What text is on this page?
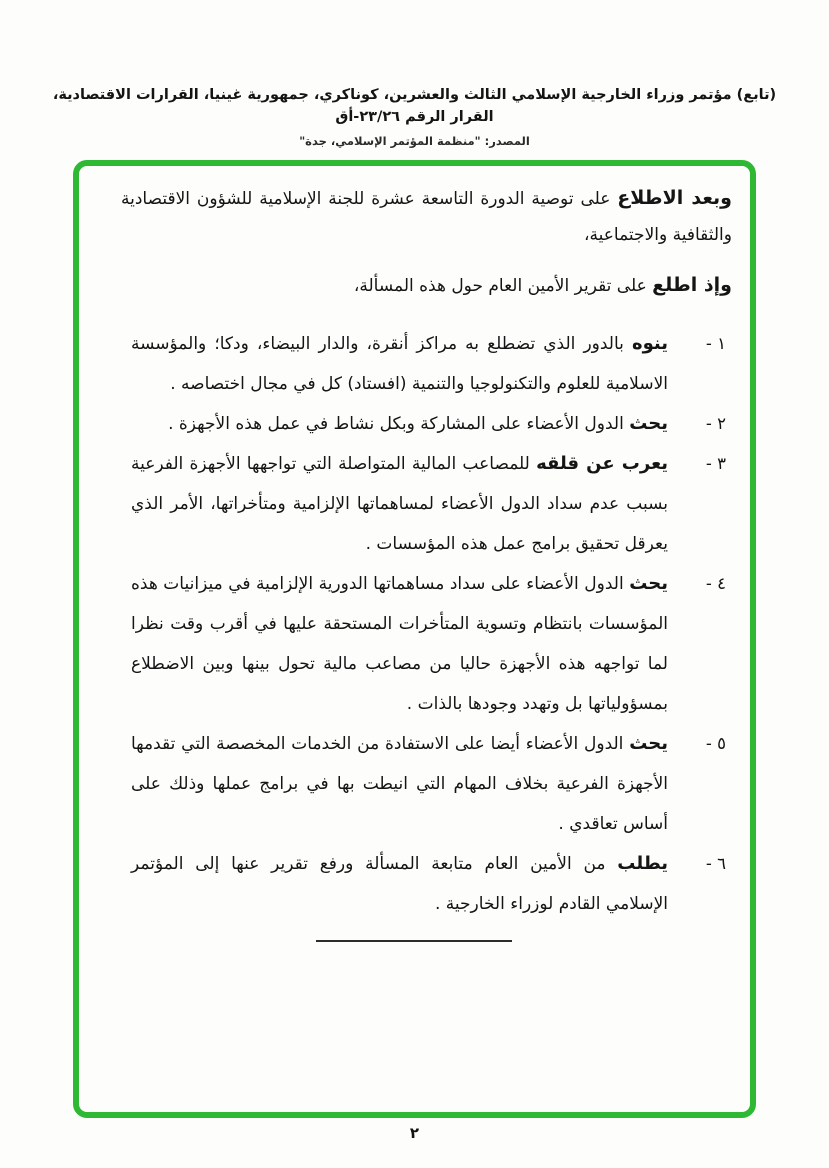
(تابع) مؤتمر وزراء الخارجية الإسلامي الثالث والعشرين، كوناكري، جمهورية غينيا، القرارات الاقتصادية، القرار الرقم ٢٣/٢٦-أق
المصدر: "منظمة المؤتمر الإسلامي، جدة"

وبعد الاطلاع على توصية الدورة التاسعة عشرة للجنة الإسلامية للشؤون الاقتصادية والثقافية والاجتماعية،

وإذ اطلع على تقرير الأمين العام حول هذه المسألة،

١ -
ينوه بالدور الذي تضطلع به مراكز أنقرة، والدار البيضاء، ودكا؛ والمؤسسة الاسلامية للعلوم والتكنولوجيا والتنمية (افستاد) كل في مجال اختصاصه .
٢ -
يحث الدول الأعضاء على المشاركة وبكل نشاط في عمل هذه الأجهزة .
٣ -
يعرب عن قلقه للمصاعب المالية المتواصلة التي تواجهها الأجهزة الفرعية بسبب عدم سداد الدول الأعضاء لمساهماتها الإلزامية ومتأخراتها، الأمر الذي يعرقل تحقيق برامج عمل هذه المؤسسات .
٤ -
يحث الدول الأعضاء على سداد مساهماتها الدورية الإلزامية في ميزانيات هذه المؤسسات بانتظام وتسوية المتأخرات المستحقة عليها في أقرب وقت نظرا لما تواجهه هذه الأجهزة حاليا من مصاعب مالية تحول بينها وبين الاضطلاع بمسؤولياتها بل وتهدد وجودها بالذات .
٥ -
يحث الدول الأعضاء أيضا على الاستفادة من الخدمات المخصصة التي تقدمها الأجهزة الفرعية بخلاف المهام التي انيطت بها في برامج عملها وذلك على أساس تعاقدي .
٦ -
يطلب من الأمين العام متابعة المسألة ورفع تقرير عنها إلى المؤتمر الإسلامي القادم لوزراء الخارجية .
٢
